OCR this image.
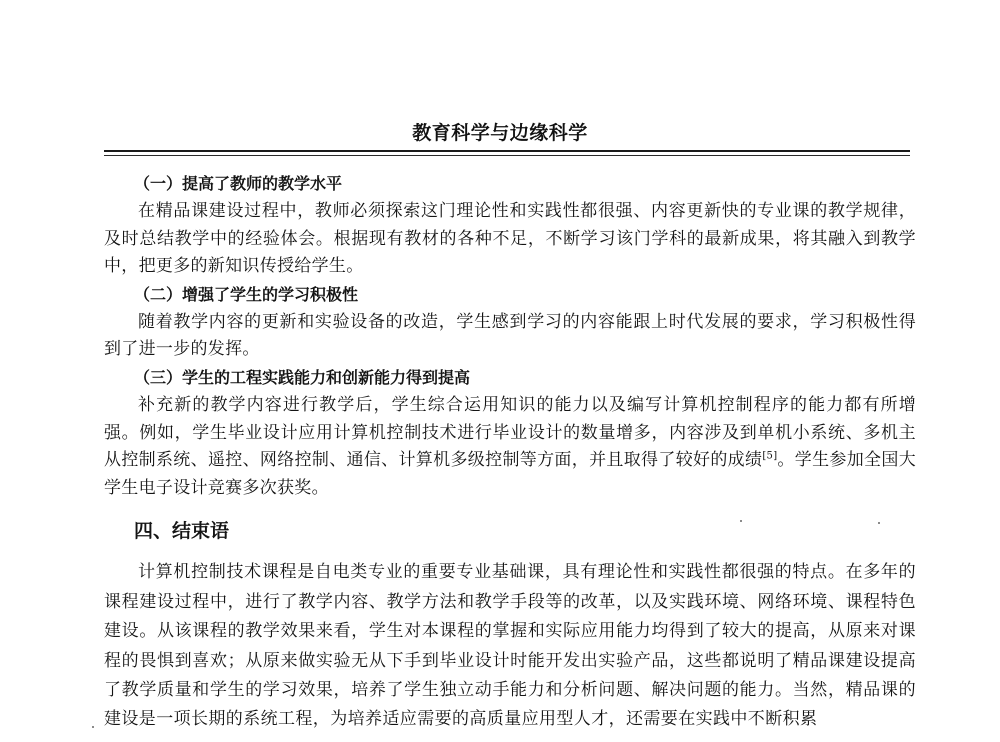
教育科学与边缘科学
（一）提高了教师的教学水平

在精品课建设过程中，教师必须探索这门理论性和实践性都很强、内容更新快的专业课的教学规律，及时总结教学中的经验体会。根据现有教材的各种不足，不断学习该门学科的最新成果，将其融入到教学中，把更多的新知识传授给学生。

（二）增强了学生的学习积极性

随着教学内容的更新和实验设备的改造，学生感到学习的内容能跟上时代发展的要求，学习积极性得到了进一步的发挥。

（三）学生的工程实践能力和创新能力得到提高

补充新的教学内容进行教学后，学生综合运用知识的能力以及编写计算机控制程序的能力都有所增强。例如，学生毕业设计应用计算机控制技术进行毕业设计的数量增多，内容涉及到单机小系统、多机主从控制系统、遥控、网络控制、通信、计算机多级控制等方面，并且取得了较好的成绩[5]。学生参加全国大学生电子设计竞赛多次获奖。

四、结束语

计算机控制技术课程是自电类专业的重要专业基础课，具有理论性和实践性都很强的特点。在多年的课程建设过程中，进行了教学内容、教学方法和教学手段等的改革，以及实践环境、网络环境、课程特色建设。从该课程的教学效果来看，学生对本课程的掌握和实际应用能力均得到了较大的提高，从原来对课程的畏惧到喜欢；从原来做实验无从下手到毕业设计时能开发出实验产品，这些都说明了精品课建设提高了教学质量和学生的学习效果，培养了学生独立动手能力和分析问题、解决问题的能力。当然，精品课的建设是一项长期的系统工程，为培养适应需要的高质量应用型人才，还需要在实践中不断积累
